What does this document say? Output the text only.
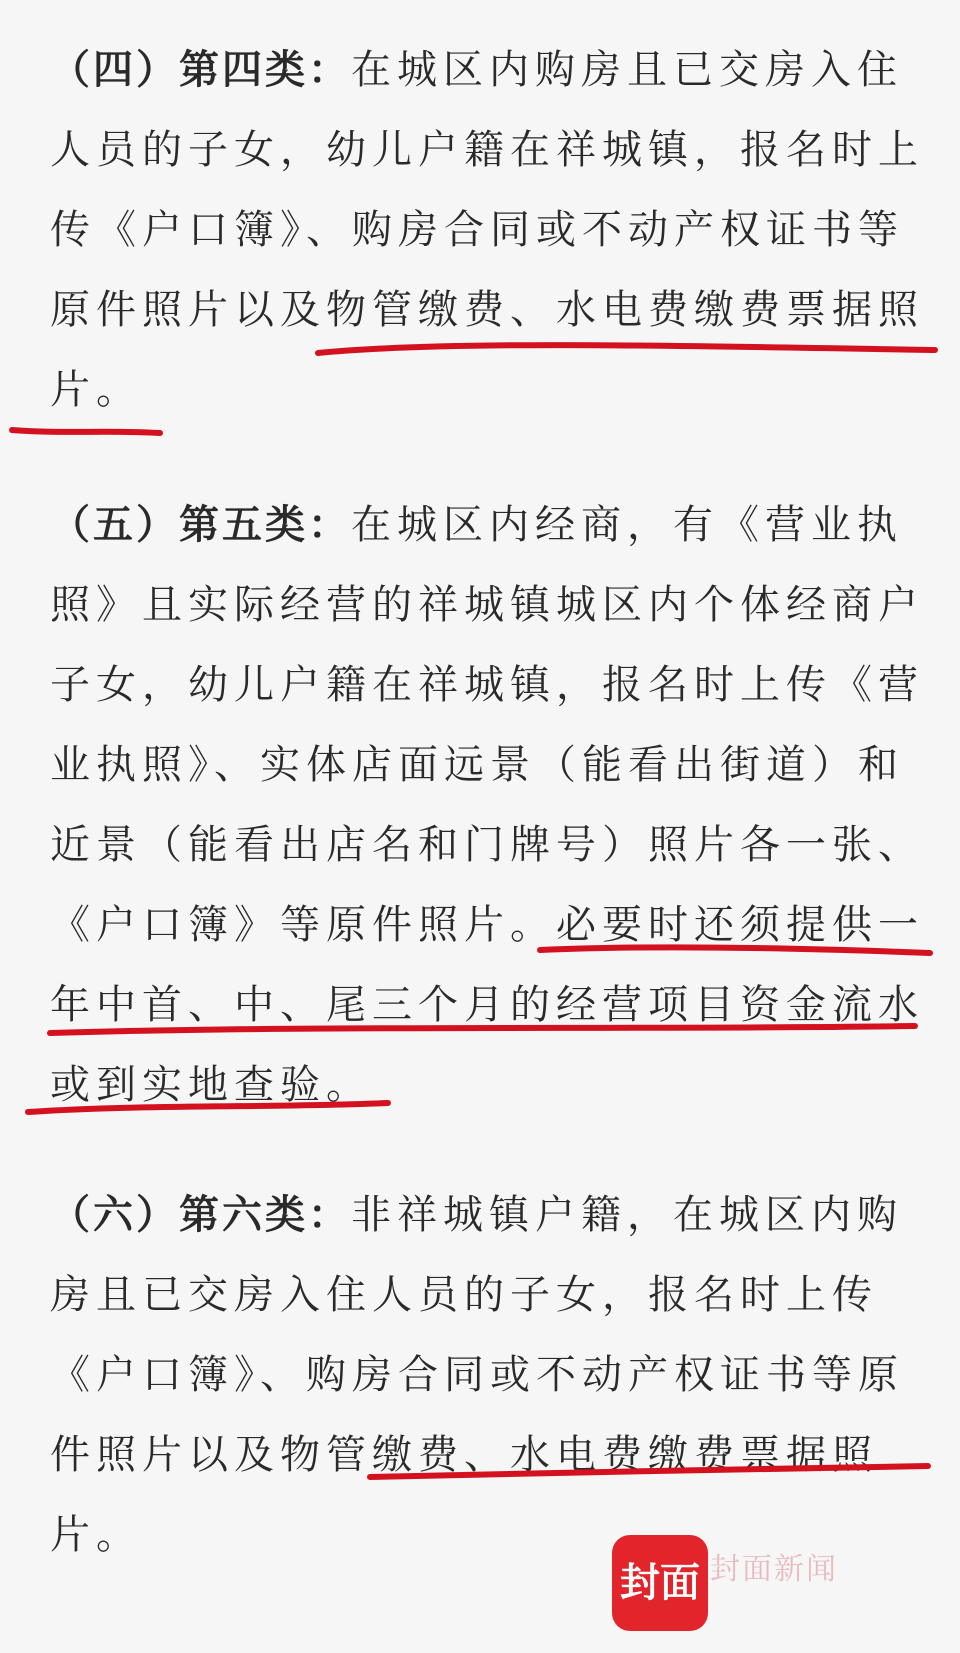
（四）第四类：在城区内购房且已交房入住
人员的子女，幼儿户籍在祥城镇，报名时上
传《户口簿》、购房合同或不动产权证书等
原件照片以及物管缴费、水电费缴费票据照
片。
（五）第五类：在城区内经商，有《营业执
照》且实际经营的祥城镇城区内个体经商户
子女，幼儿户籍在祥城镇，报名时上传《营
业执照》、实体店面远景（能看出街道）和
近景（能看出店名和门牌号）照片各一张、
《户口簿》等原件照片。必要时还须提供一
年中首、中、尾三个月的经营项目资金流水
或到实地查验。
（六）第六类：非祥城镇户籍，在城区内购
房且已交房入住人员的子女，报名时上传
《户口簿》、购房合同或不动产权证书等原
件照片以及物管缴费、水电费缴费票据照
片。
封面 封面新闻
